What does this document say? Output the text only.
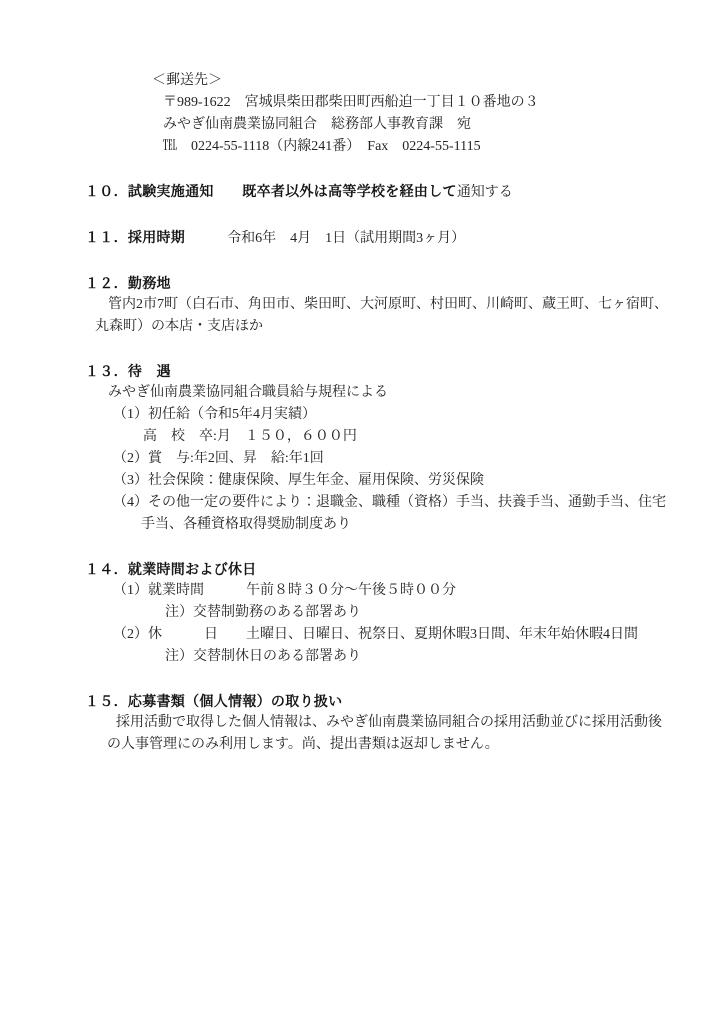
＜郵送先＞
〒989-1622　宮城県柴田郡柴田町西船迫一丁目１０番地の３
みやぎ仙南農業協同組合　総務部人事教育課　宛
℡　0224-55-1118（内線241番）　Fax　0224-55-1115
１０．試験実施通知　　既卒者以外は高等学校を経由して通知する
１１．採用時期　　　令和6年　4月　1日（試用期間3ヶ月）
１２．勤務地
管内2市7町（白石市、角田市、柴田町、大河原町、村田町、川崎町、蔵王町、七ヶ宿町、丸森町）の本店・支店ほか
１３．待　遇
みやぎ仙南農業協同組合職員給与規程による
（1）初任給（令和5年4月実績）
高　校　卒:月　１５０，６００円
（2）賞　与:年2回、昇　給:年1回
（3）社会保険：健康保険、厚生年金、雇用保険、労災保険
（4）その他一定の要件により：退職金、職種（資格）手当、扶養手当、通勤手当、住宅手当、各種資格取得奨励制度あり
１４．就業時間および休日
（1）就業時間　　　午前８時３０分～午後５時００分
注）交替制勤務のある部署あり
（2）休　　　日　　土曜日、日曜日、祝祭日、夏期休暇3日間、年末年始休暇4日間
注）交替制休日のある部署あり
１５．応募書類（個人情報）の取り扱い
採用活動で取得した個人情報は、みやぎ仙南農業協同組合の採用活動並びに採用活動後の人事管理にのみ利用します。尚、提出書類は返却しません。
